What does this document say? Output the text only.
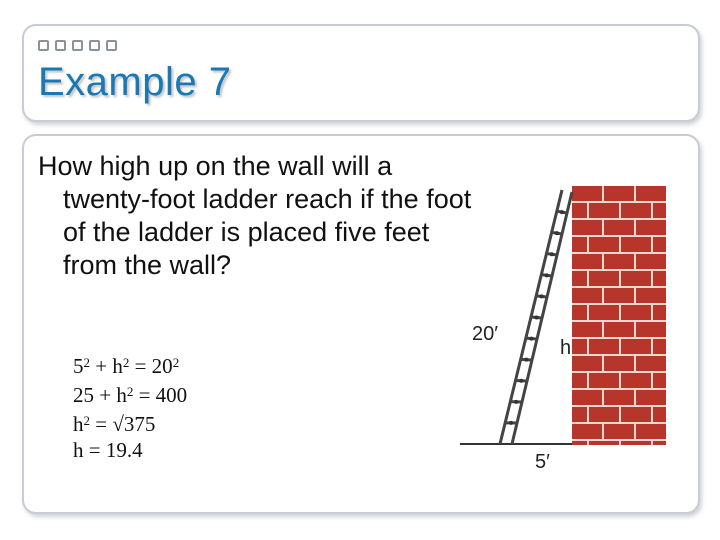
Example 7
How high up on the wall will a twenty-foot ladder reach if the foot of the ladder is placed five feet from the wall?
$5^2 + h^2 = 20^2$
$25 + h^2 = 400$
$h^2 = √375$
h = 19.4
20′
h
5′
